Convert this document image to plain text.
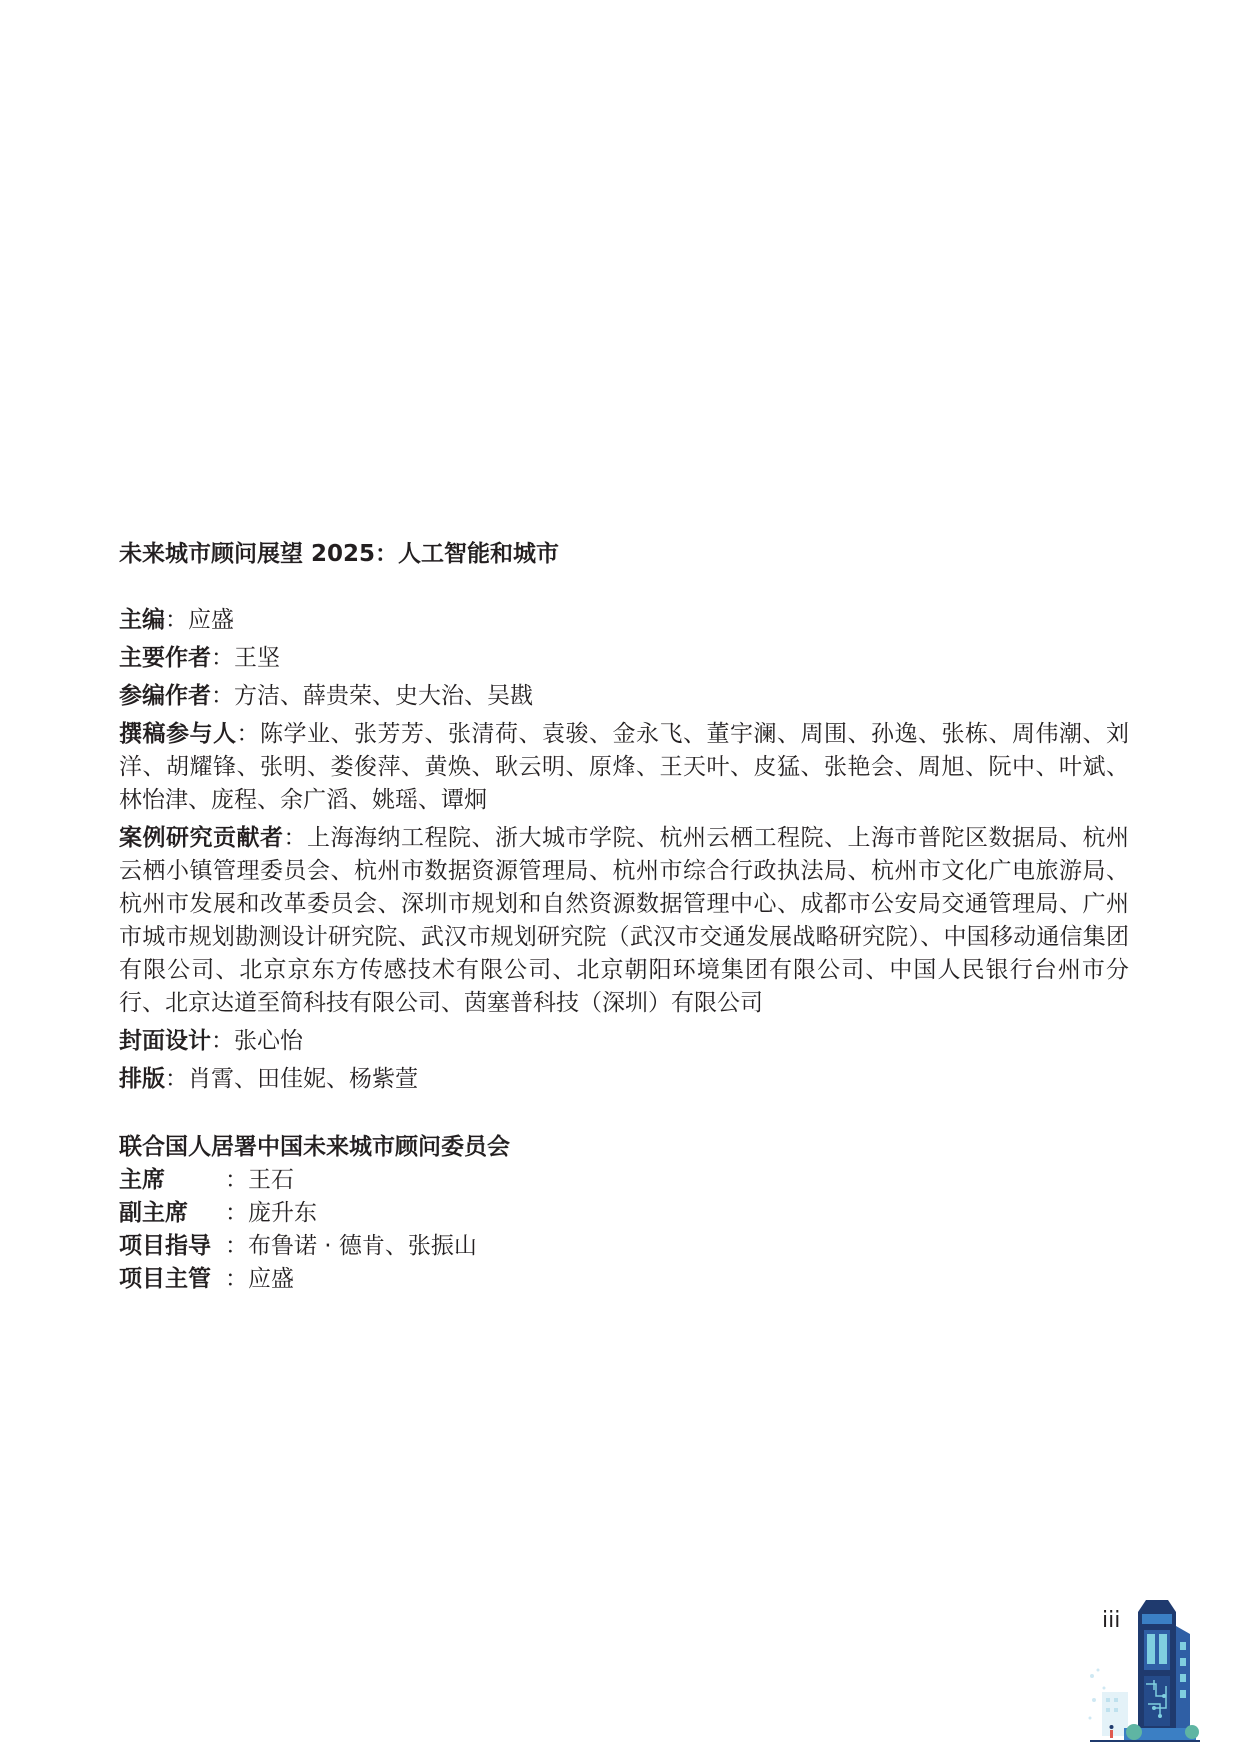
未来城市顾问展望 2025：人工智能和城市
主编：应盛
主要作者：王坚
参编作者：方洁、薛贵荣、史大治、吴戡
撰稿参与人：陈学业、张芳芳、张清荷、袁骏、金永飞、董宇澜、周围、孙逸、张栋、周伟潮、刘洋、胡耀锋、张明、娄俊萍、黄焕、耿云明、原烽、王天叶、皮猛、张艳会、周旭、阮中、叶斌、林怡津、庞程、余广滔、姚瑶、谭炯
案例研究贡献者：上海海纳工程院、浙大城市学院、杭州云栖工程院、上海市普陀区数据局、杭州云栖小镇管理委员会、杭州市数据资源管理局、杭州市综合行政执法局、杭州市文化广电旅游局、杭州市发展和改革委员会、深圳市规划和自然资源数据管理中心、成都市公安局交通管理局、广州市城市规划勘测设计研究院、武汉市规划研究院（武汉市交通发展战略研究院）、中国移动通信集团有限公司、北京京东方传感技术有限公司、北京朝阳环境集团有限公司、中国人民银行台州市分行、北京达道至简科技有限公司、茵塞普科技（深圳）有限公司
封面设计：张心怡
排版：肖霄、田佳妮、杨紫萱
联合国人居署中国未来城市顾问委员会
主席	： 王石
副主席	： 庞升东
项目指导 ： 布鲁诺 · 德肯、张振山
项目主管 ： 应盛
iii
